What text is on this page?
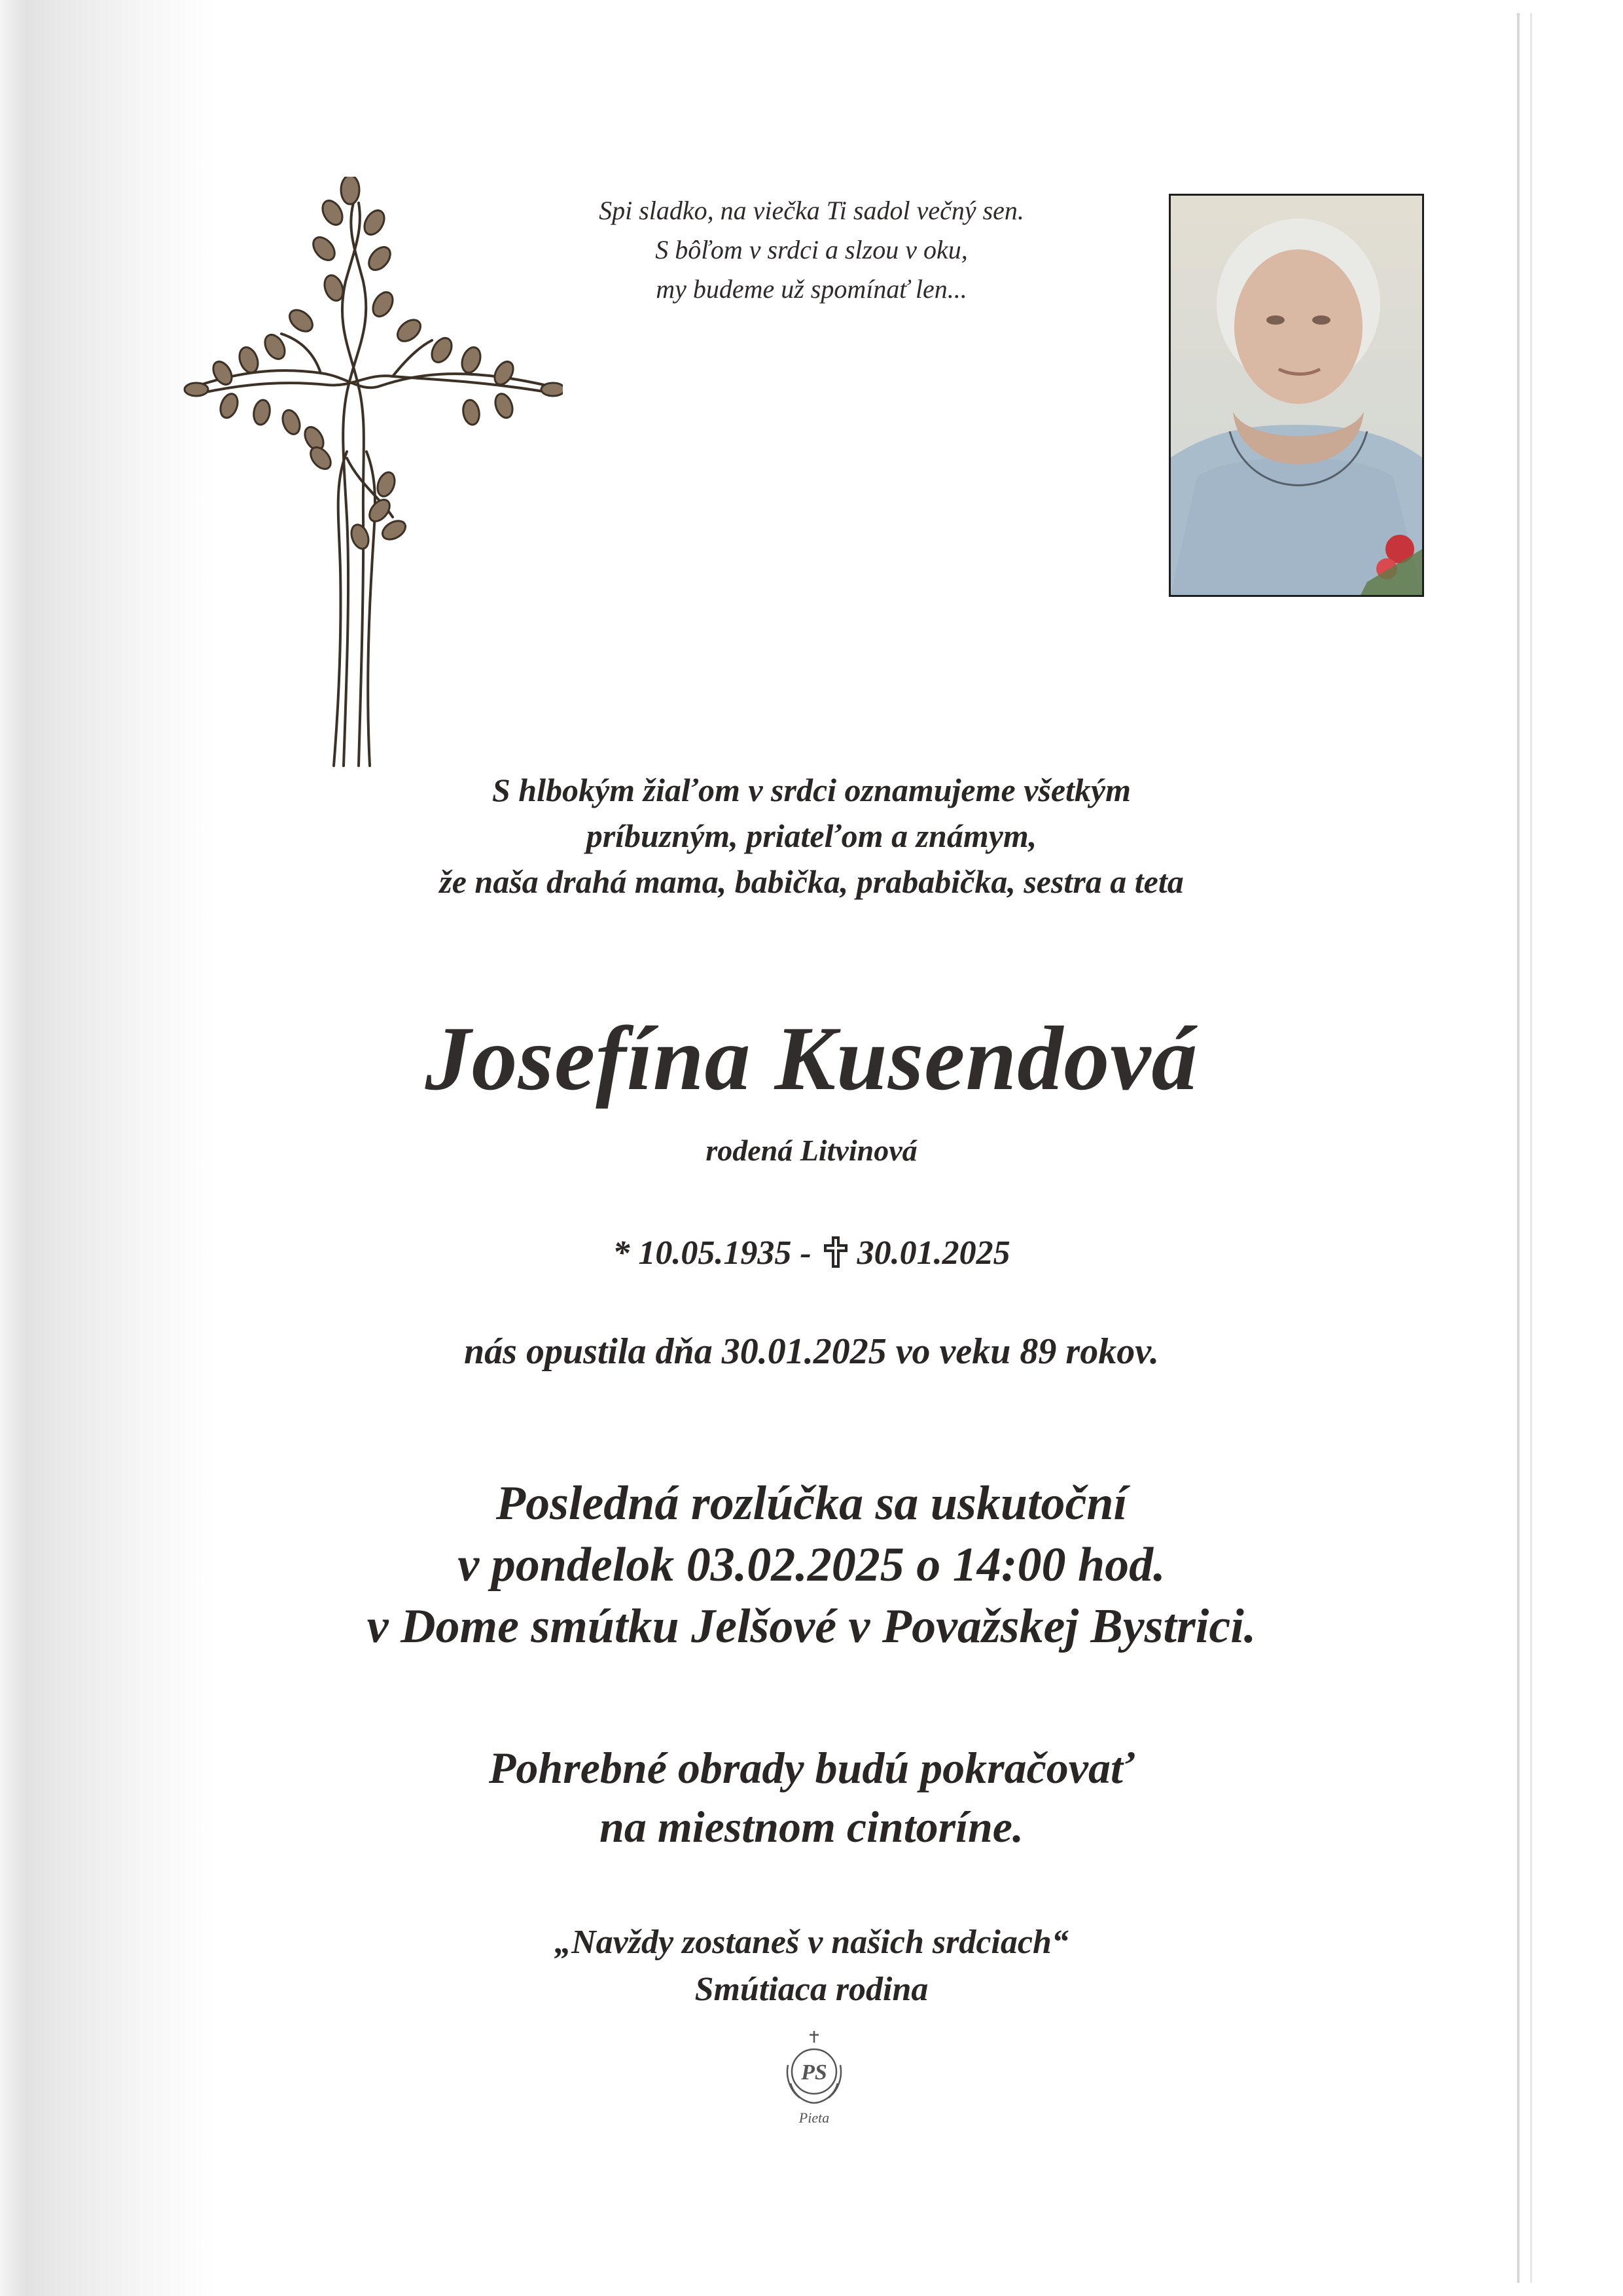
Spi sladko, na viečka Ti sadol večný sen.
S bôľom v srdci a slzou v oku,
my budeme už spomínať len...
S hlbokým žiaľom v srdci oznamujeme všetkým
príbuzným, priateľom a známym,
že naša drahá mama, babička, prababička, sestra a teta
Josefína Kusendová
rodená Litvinová
* 10.05.1935 - 30.01.2025
nás opustila dňa 30.01.2025 vo veku 89 rokov.
Posledná rozlúčka sa uskutoční
v pondelok 03.02.2025 o 14:00 hod.
v Dome smútku Jelšové v Považskej Bystrici.
Pohrebné obrady budú pokračovať
na miestnom cintoríne.
„Navždy zostaneš v našich srdciach“
Smútiaca rodina
PS
Pieta
